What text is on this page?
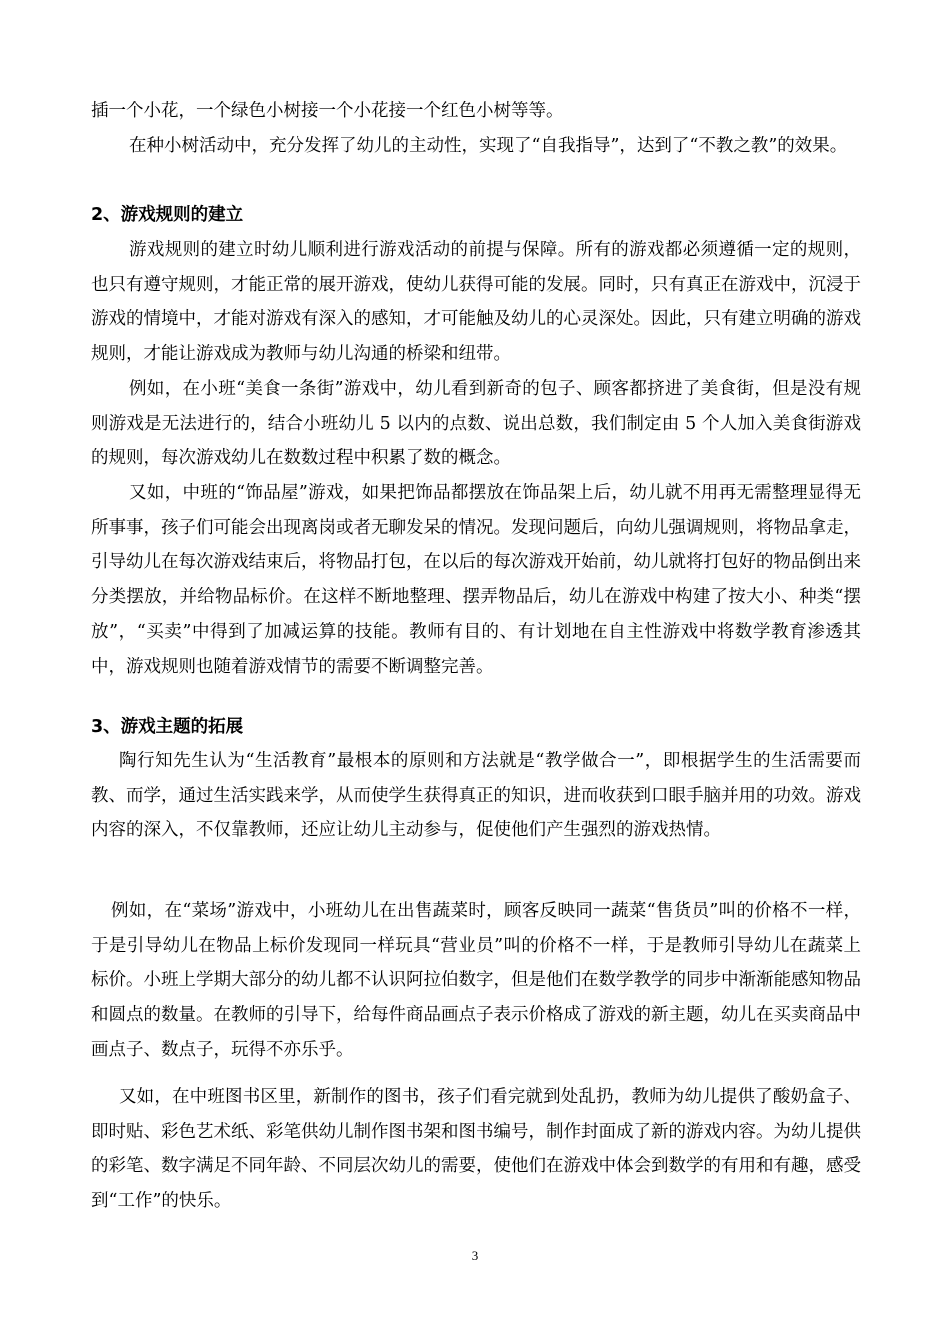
插一个小花，一个绿色小树接一个小花接一个红色小树等等。

在种小树活动中，充分发挥了幼儿的主动性，实现了“自我指导”，达到了“不教之教”的效果。

2、游戏规则的建立

游戏规则的建立时幼儿顺利进行游戏活动的前提与保障。所有的游戏都必须遵循一定的规则，也只有遵守规则，才能正常的展开游戏，使幼儿获得可能的发展。同时，只有真正在游戏中，沉浸于游戏的情境中，才能对游戏有深入的感知，才可能触及幼儿的心灵深处。因此，只有建立明确的游戏规则，才能让游戏成为教师与幼儿沟通的桥梁和纽带。

例如，在小班“美食一条街”游戏中，幼儿看到新奇的包子、顾客都挤进了美食街，但是没有规则游戏是无法进行的，结合小班幼儿 5 以内的点数、说出总数，我们制定由 5 个人加入美食街游戏的规则，每次游戏幼儿在数数过程中积累了数的概念。

又如，中班的“饰品屋”游戏，如果把饰品都摆放在饰品架上后，幼儿就不用再无需整理显得无所事事，孩子们可能会出现离岗或者无聊发呆的情况。发现问题后，向幼儿强调规则，将物品拿走，引导幼儿在每次游戏结束后，将物品打包，在以后的每次游戏开始前，幼儿就将打包好的物品倒出来分类摆放，并给物品标价。在这样不断地整理、摆弄物品后，幼儿在游戏中构建了按大小、种类“摆放”，“买卖”中得到了加减运算的技能。教师有目的、有计划地在自主性游戏中将数学教育渗透其中，游戏规则也随着游戏情节的需要不断调整完善。

3、游戏主题的拓展

陶行知先生认为“生活教育”最根本的原则和方法就是“教学做合一”，即根据学生的生活需要而教、而学，通过生活实践来学，从而使学生获得真正的知识，进而收获到口眼手脑并用的功效。游戏内容的深入，不仅靠教师，还应让幼儿主动参与，促使他们产生强烈的游戏热情。

例如，在“菜场”游戏中，小班幼儿在出售蔬菜时，顾客反映同一蔬菜“售货员”叫的价格不一样，于是引导幼儿在物品上标价发现同一样玩具“营业员”叫的价格不一样，于是教师引导幼儿在蔬菜上标价。小班上学期大部分的幼儿都不认识阿拉伯数字，但是他们在数学教学的同步中渐渐能感知物品和圆点的数量。在教师的引导下，给每件商品画点子表示价格成了游戏的新主题，幼儿在买卖商品中画点子、数点子，玩得不亦乐乎。

又如，在中班图书区里，新制作的图书，孩子们看完就到处乱扔，教师为幼儿提供了酸奶盒子、即时贴、彩色艺术纸、彩笔供幼儿制作图书架和图书编号，制作封面成了新的游戏内容。为幼儿提供的彩笔、数字满足不同年龄、不同层次幼儿的需要，使他们在游戏中体会到数学的有用和有趣，感受到“工作”的快乐。

3
